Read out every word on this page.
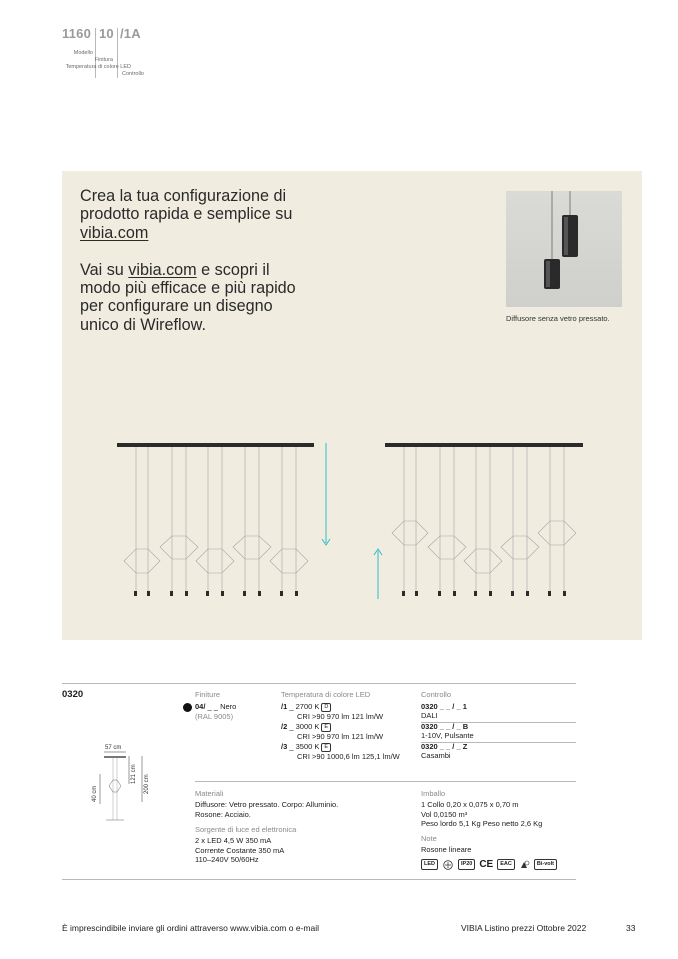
1160 10 /1A
Modello
Finitura
Temperatura di colore LED
Controllo

Crea la tua configurazione di prodotto rapida e semplice su vibia.com

Vai su vibia.com e scopri il modo più efficace e più rapido per configurare un disegno unico di Wireflow.	Diffusore senza vetro pressato.
0320
57 cm
121 cm
200 cm
40 cm
Finiture
04/ _ _ Nero
(RAL 9005)
Temperatura di colore LED
/1 _ 2700 K D
CRI >90 970 lm 121 lm/W
/2 _ 3000 K E
CRI >90 970 lm 121 lm/W
/3 _ 3500 K E
CRI >90 1000,6 lm 125,1 lm/W
Controllo
0320 _ _ / _ 1
DALI
0320 _ _ / _ B
1-10V, Pulsante
0320 _ _ / _ Z
Casambi
Materiali
Diffusore: Vetro pressato. Corpo: Alluminio.
Rosone: Acciaio.
Sorgente di luce ed elettronica
2 x LED 4,5 W 350 mA
Corrente Costante 350 mA
110–240V 50/60Hz
Imballo
1 Collo 0,20 x 0,075 x 0,70 m
Vol 0,0150 m³
Peso lordo 5,1 Kg Peso netto 2,6 Kg
Note
Rosone lineare
LED	IP20 CE	EAC	Bi-volt
È imprescindibile inviare gli ordini attraverso www.vibia.com o e-mail	VIBIA Listino prezzi Ottobre 2022	33
